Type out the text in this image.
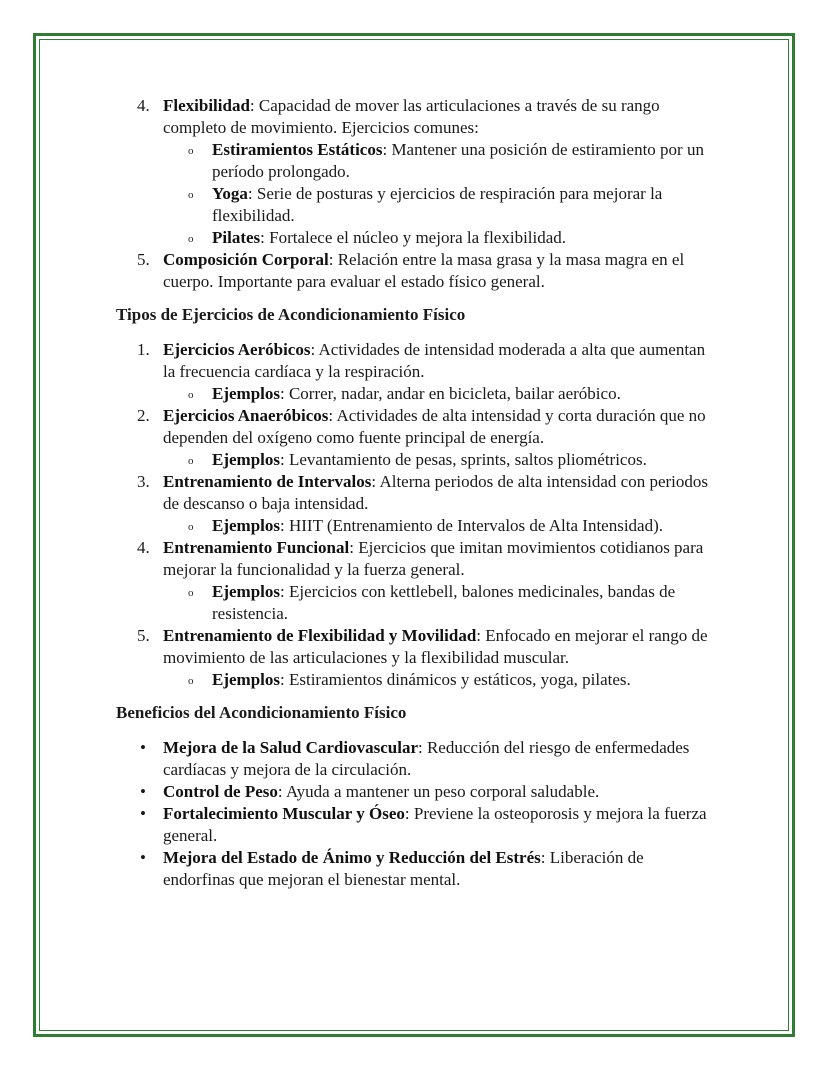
4. Flexibilidad: Capacidad de mover las articulaciones a través de su rango completo de movimiento. Ejercicios comunes:
o Estiramientos Estáticos: Mantener una posición de estiramiento por un período prolongado.
o Yoga: Serie de posturas y ejercicios de respiración para mejorar la flexibilidad.
o Pilates: Fortalece el núcleo y mejora la flexibilidad.
5. Composición Corporal: Relación entre la masa grasa y la masa magra en el cuerpo. Importante para evaluar el estado físico general.
Tipos de Ejercicios de Acondicionamiento Físico
1. Ejercicios Aeróbicos: Actividades de intensidad moderada a alta que aumentan la frecuencia cardíaca y la respiración.
o Ejemplos: Correr, nadar, andar en bicicleta, bailar aeróbico.
2. Ejercicios Anaeróbicos: Actividades de alta intensidad y corta duración que no dependen del oxígeno como fuente principal de energía.
o Ejemplos: Levantamiento de pesas, sprints, saltos pliométricos.
3. Entrenamiento de Intervalos: Alterna periodos de alta intensidad con periodos de descanso o baja intensidad.
o Ejemplos: HIIT (Entrenamiento de Intervalos de Alta Intensidad).
4. Entrenamiento Funcional: Ejercicios que imitan movimientos cotidianos para mejorar la funcionalidad y la fuerza general.
o Ejemplos: Ejercicios con kettlebell, balones medicinales, bandas de resistencia.
5. Entrenamiento de Flexibilidad y Movilidad: Enfocado en mejorar el rango de movimiento de las articulaciones y la flexibilidad muscular.
o Ejemplos: Estiramientos dinámicos y estáticos, yoga, pilates.
Beneficios del Acondicionamiento Físico
• Mejora de la Salud Cardiovascular: Reducción del riesgo de enfermedades cardíacas y mejora de la circulación.
• Control de Peso: Ayuda a mantener un peso corporal saludable.
• Fortalecimiento Muscular y Óseo: Previene la osteoporosis y mejora la fuerza general.
• Mejora del Estado de Ánimo y Reducción del Estrés: Liberación de endorfinas que mejoran el bienestar mental.
